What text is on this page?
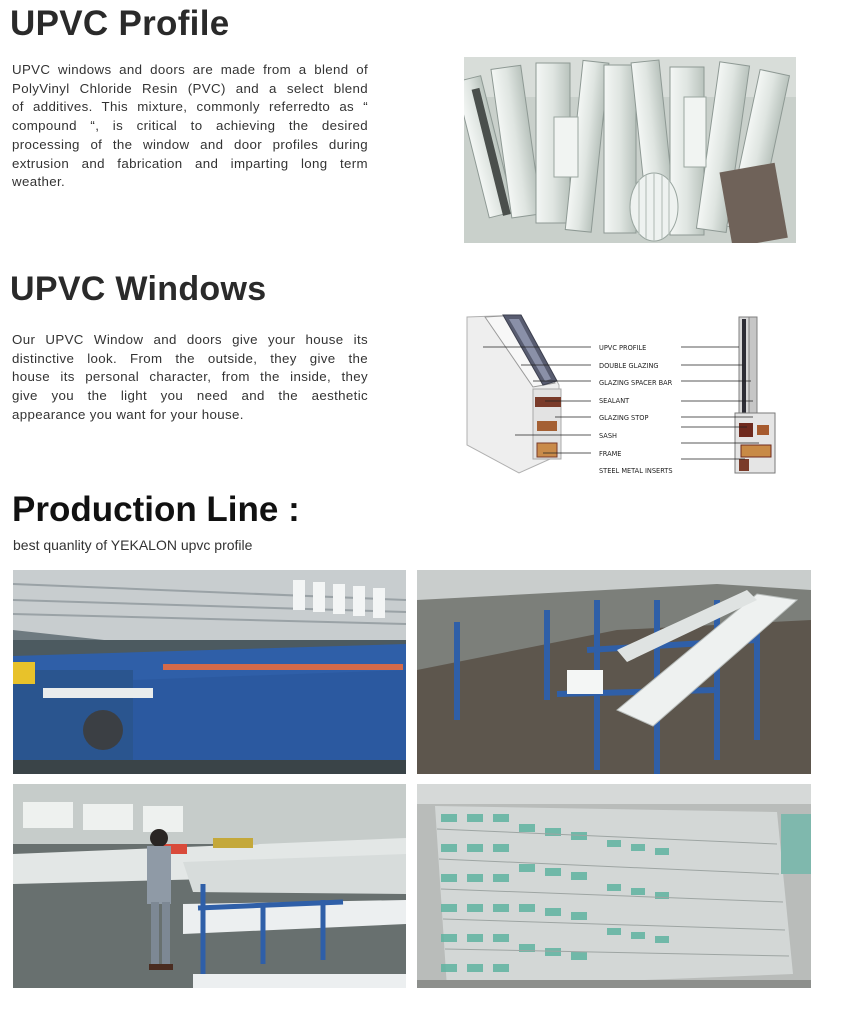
UPVC Profile
UPVC windows and doors are made from a blend of
PolyVinyl Chloride Resin (PVC) and a select blend
of additives. This mixture, commonly referredto as “
compound “, is critical to achieving the desired
processing of the window and door profiles during
extrusion and fabrication and imparting long term
weather.
UPVC Windows
Our UPVC Window and doors give your house its
distinctive look. From the outside, they give the
house its personal character, from the inside, they
give you the light you need and the aesthetic
appearance you want for your house.
UPVC PROFILE
DOUBLE GLAZING
GLAZING SPACER BAR
SEALANT
GLAZING STOP
SASH
FRAME
STEEL METAL INSERTS
Production Line :
best quanlity of YEKALON upvc profile
